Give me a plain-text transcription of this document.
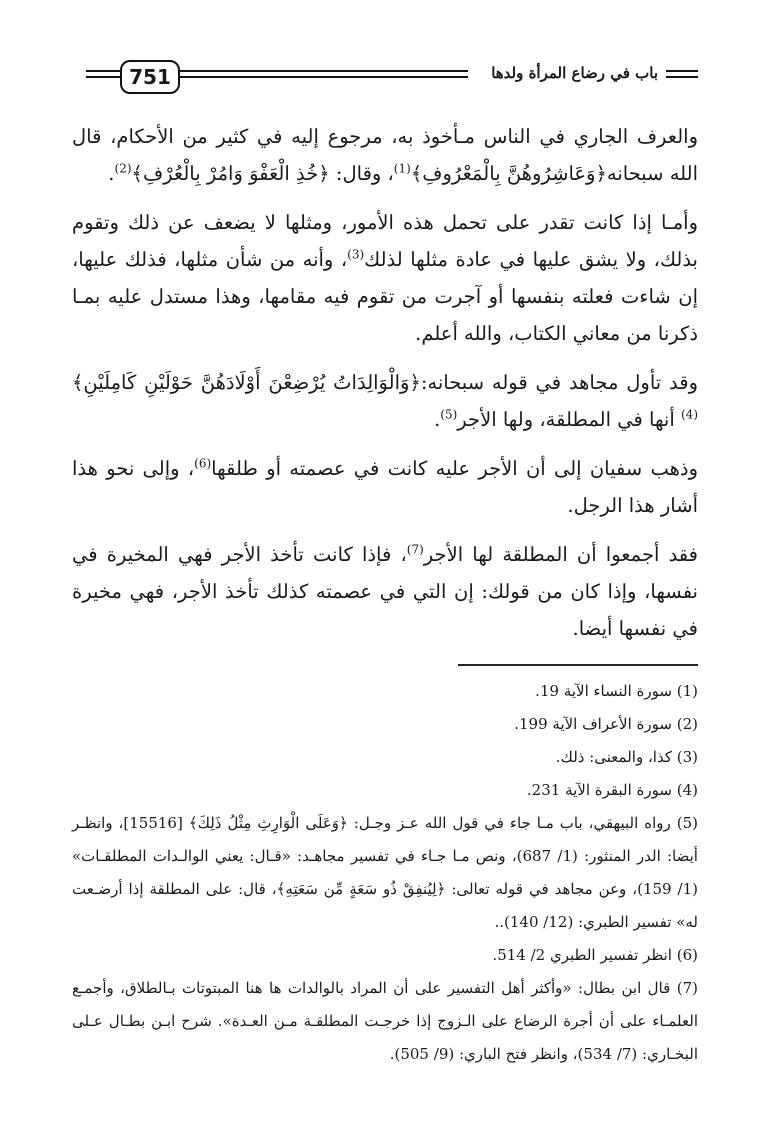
751	باب في رضاع المرأة ولدها

والعرف الجاري في الناس مـأخوذ به، مرجوع إليه في كثير من الأحكام، قال الله سبحانه﴿وَعَاشِرُوهُنَّ بِالْمَعْرُوفِ﴾$^{(1)}$، وقال: ﴿خُذِ الْعَفْوَ وَامُرْ بِالْعُرْفِ﴾$^{(2)}$.

وأمـا إذا كانت تقدر على تحمل هذه الأمور، ومثلها لا يضعف عن ذلك وتقوم بذلك، ولا يشق عليها في عادة مثلها لذلك$^{(3)}$، وأنه من شأن مثلها، فذلك عليها، إن شاءت فعلته بنفسها أو آجرت من تقوم فيه مقامها، وهذا مستدل عليه بمـا ذكرنا من معاني الكتاب، والله أعلم.

وقد تأول مجاهد في قوله سبحانه:﴿وَالْوَالِدَاتُ يُرْضِعْنَ أَوْلَادَهُنَّ حَوْلَيْنِ كَامِلَيْنِ﴾$^{(4)}$ أنها في المطلقة، ولها الأجر$^{(5)}$.

وذهب سفيان إلى أن الأجر عليه كانت في عصمته أو طلقها$^{(6)}$، وإلى نحو هذا أشار هذا الرجل.

فقد أجمعوا أن المطلقة لها الأجر$^{(7)}$، فإذا كانت تأخذ الأجر فهي المخيرة في نفسها، وإذا كان من قولك: إن التي في عصمته كذلك تأخذ الأجر، فهي مخيرة في نفسها أيضا.

(1) سورة النساء الآية 19.

(2) سورة الأعراف الآية 199.

(3) كذا، والمعنى: ذلك.

(4) سورة البقرة الآية 231.

(5) رواه البيهقي، باب مـا جاء في قول الله عـز وجـل: ﴿وَعَلَى الْوَارِثِ مِثْلُ ذَلِكَ﴾ [15516]، وانظـر أيضا: الدر المنثور: (1/ 687)، ونص مـا جـاء في تفسير مجاهـد: «قـال: يعني الوالـدات المطلقـات» (1/ 159)، وعن مجاهد في قوله تعالى: ﴿لِيُنفِقْ ذُو سَعَةٍ مِّن سَعَتِهِ﴾، قال: على المطلقة إذا أرضـعت له» تفسير الطبري: (12/ 140)..

(6) انظر تفسير الطبري 2/ 514.

(7) قال ابن بطال: «وأكثر أهل التفسير على أن المراد بالوالدات ها هنا المبتوتات بـالطلاق، وأجمـع العلمـاء على أن أجرة الرضاع على الـزوج إذا خرجـت المطلقـة مـن العـدة». شرح ابـن بطـال عـلى البخـاري: (7/ 534)، وانظر فتح الباري: (9/ 505).
